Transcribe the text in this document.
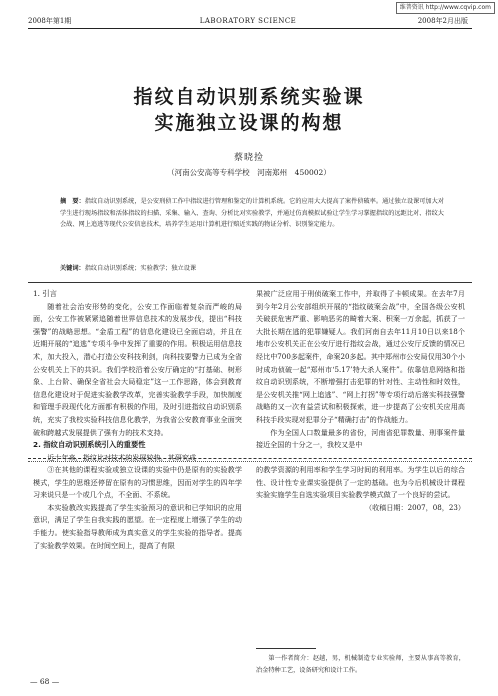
维普资讯 http://www.cqvip.com
2008年第1期	LABORATORY SCIENCE	2008年2月出版
指纹自动识别系统实验课
实施独立设课的构想
蔡晓捡
（河南公安高等专科学校　河南郑州　450002）
摘　要：指纹自动识别系统，是公安刑侦工作中指纹进行管理和鉴定的计算机系统。它的应用大大提高了案件侦破率。通过独立设课可加大对学生进行现场指纹和活体指纹的扫描、采集、输入、查询、分析比对实验教学，并通过仿真模拟试验让学生学习掌握指纹的远距比对、指纹大会战、网上追逃等现代公安信息技术，培养学生运用计算机进行赔近实践的物证分析、识别鉴定能力。
关键词：指纹自动识别系统；实验教学；独立设课
1. 引言

随着社会治安形势的变化，公安工作面临着复杂而严峻的局面，公安工作被紧紧追随着世界信息技术的发展步伐，提出“科技强警”的战略思想。“金盾工程”的信息化建设已全面启动，并且在近期开展的“追逃”专项斗争中发挥了重要的作用。积极运用信息技术，加大投入，潜心打造公安科技利剑，向科技要警力已成为全省公安机关上下的共识。我们学校沿着公安厅确定的“打基础、树形象、上台阶、确保全省社会大局稳定”这一工作思路，体会到教育信息化建设对于促进实验教学改革，完善实验教学手段，加快制度和管理手段现代化方面都有积极的作用，及时引进指纹自动识别系统，充实了我校实验科技信息化教学，为我省公安教育事业全面突破和跨越式发展提供了强有力的技术支持。

2. 指纹自动识别系统引入的重要性

近十年来，指纹比对技术的发展较快，其研究成

果被广泛应用于刑侦破案工作中，并取得了卡顿成果。在去年7月到今年2月公安部组织开展的“指纹破案会战”中，全国各级公安机关破获危害严重、影响恶劣的畸着大案、积案一万余起，抓获了一大批长期在逃的犯罪嫌疑人。我们河南自去年11月10日以来18个地市公安机关正在公安厅进行指纹会战，通过公安厅反馈的情况已经比中700多起案件，命案20多起。其中郑州市公安局仅用30个小时成功侦破一起“郑州市‘5.17’特大杀人案件”。依靠信息网络和指纹自动识别系统，不断增强打击犯罪的针对性、主动性和时效性，是公安机关推“网上追逃”、“网上打拐”等专项行动后落实科技强警战略的又一次有益尝试和积极探索，进一步提高了公安机关应用高科技手段实现对犯罪分子“精确打击”的作战能力。

作为全国人口数量最多的省份，河南省犯罪数量、刑事案件量接近全国的十分之一，我校又是中

③在其他的课程实验或独立设课的实验中仍是原有的实验教学模式，学生的思维还停留在原有的习惯思维，因而对学生的四年学习来说只是一个或几个点，不全面、不系统。

本实验教改实践提高了学生实验预习的意识和已学知识的应用意识，满足了学生自我实践的愿望。在一定程度上增强了学生的动手能力。使实验指导教师成为真实意义的学生实验的指导者。提高了实验教学效果。在时间空间上，提高了有限

的教学资源的利用率和学生学习时间的利用率。为学生以后的综合性、设计性专业课实验提供了一定的基础。也为今后机械设计课程实验实施学生自选实验项目实验教学模式做了一个良好的尝试。

（收稿日期：2007，08，23）

第一作者简介：赵越，男，机械制造专业实验师，主要从事高等教育，冶金特种工艺，设备研究和设计工作。
— 68 —
